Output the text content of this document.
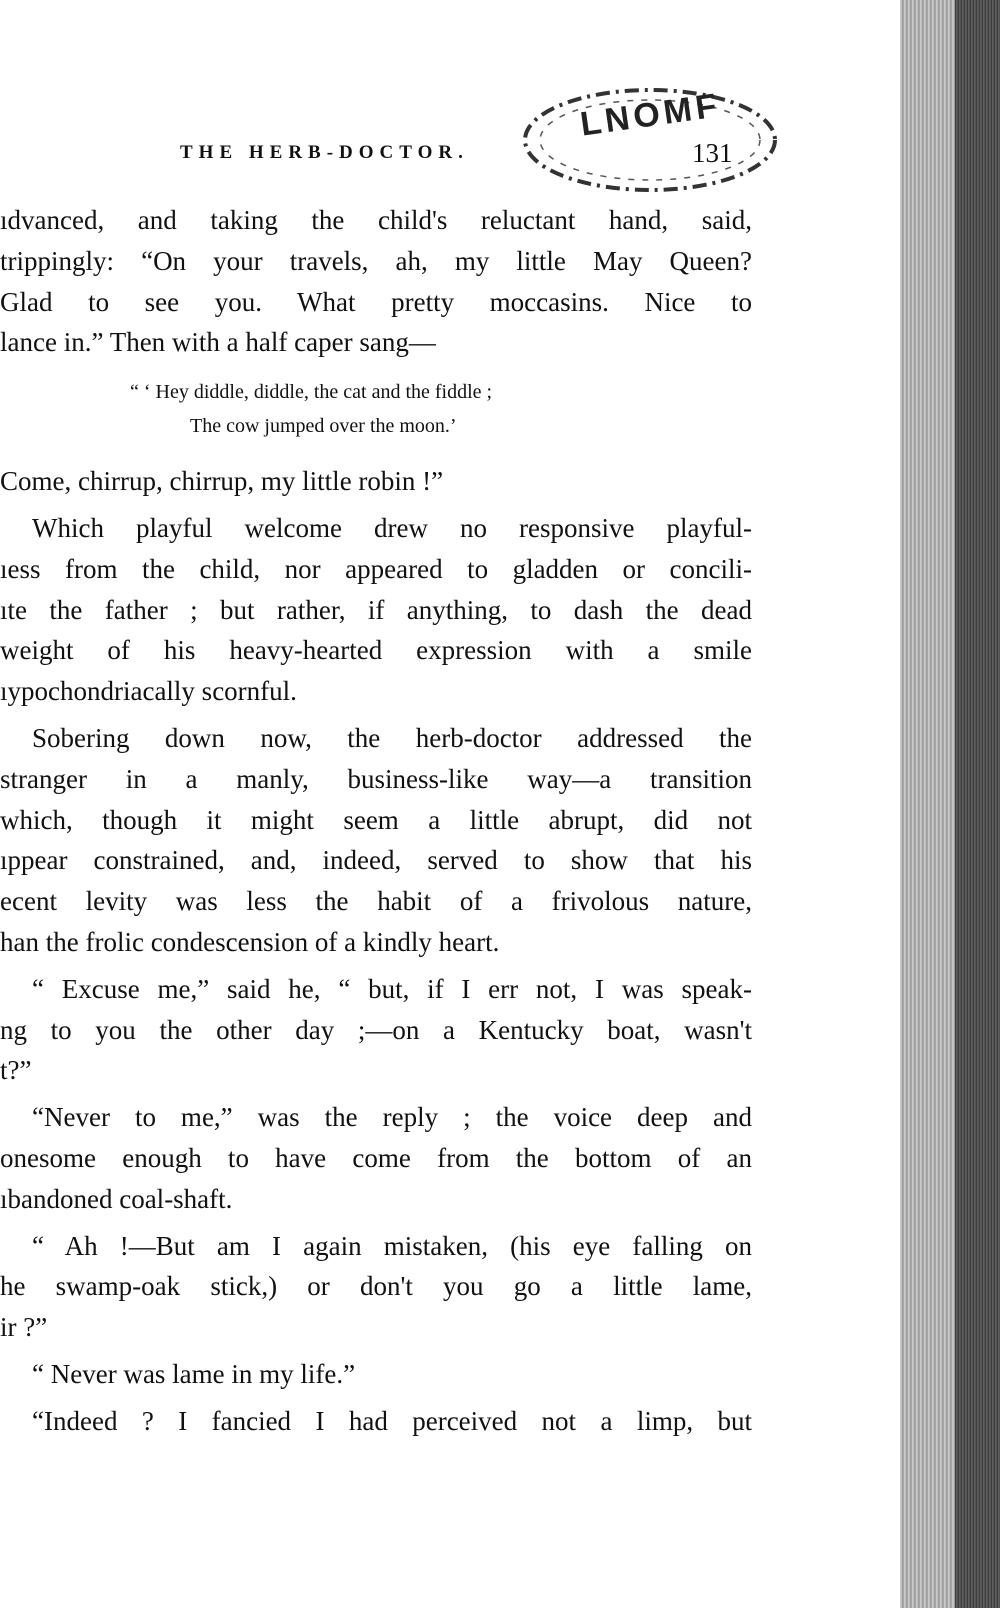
LNOMF
THE HERB-DOCTOR.	131
ıdvanced, and taking the child's reluctant hand, said,
trippingly: “On your travels, ah, my little May Queen?
Glad to see you. What pretty moccasins. Nice to
lance in.” Then with a half caper sang—
“ ‘ Hey diddle, diddle, the cat and the fiddle ;
The cow jumped over the moon.’
Come, chirrup, chirrup, my little robin !”
Which playful welcome drew no responsive playful-
ıess from the child, nor appeared to gladden or concili-
ıte the father ; but rather, if anything, to dash the dead
weight of his heavy-hearted expression with a smile
ıypochondriacally scornful.
Sobering down now, the herb-doctor addressed the
stranger in a manly, business-like way—a transition
which, though it might seem a little abrupt, did not
ıppear constrained, and, indeed, served to show that his
ecent levity was less the habit of a frivolous nature,
han the frolic condescension of a kindly heart.
“ Excuse me,” said he, “ but, if I err not, I was speak-
ng to you the other day ;—on a Kentucky boat, wasn't
t?”
“Never to me,” was the reply ; the voice deep and
onesome enough to have come from the bottom of an
ıbandoned coal-shaft.
“ Ah !—But am I again mistaken, (his eye falling on
he swamp-oak stick,) or don't you go a little lame,
ir ?”
“ Never was lame in my life.”
“Indeed ? I fancied I had perceived not a limp, but
